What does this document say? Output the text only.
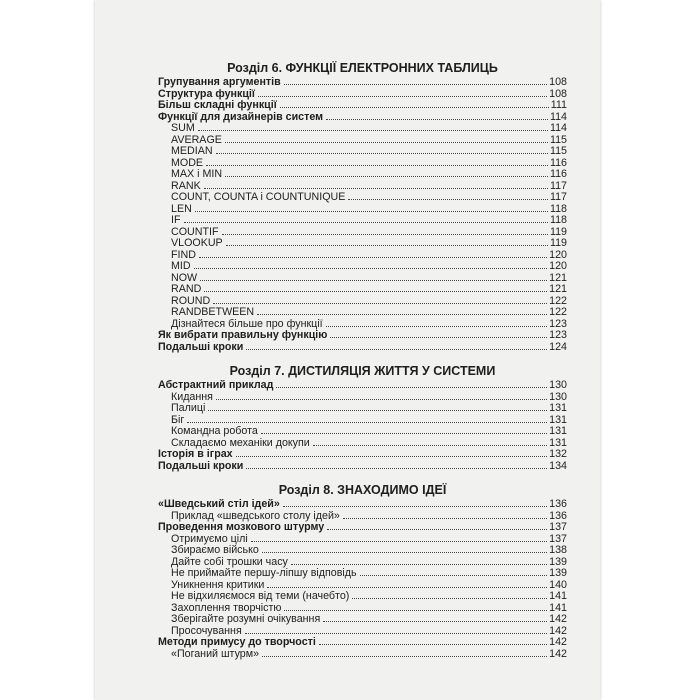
Розділ 6. ФУНКЦІЇ ЕЛЕКТРОННИХ ТАБЛИЦЬ
Групування аргументів	108
Структура функції	108
Більш складні функції	111
Функції для дизайнерів систем	114
SUM	114
AVERAGE	115
MEDIAN	115
MODE	116
MAX і MIN	116
RANK	117
COUNT, COUNTA і COUNTUNIQUE	117
LEN	118
IF	118
COUNTIF	119
VLOOKUP	119
FIND	120
MID	120
NOW	121
RAND	121
ROUND	122
RANDBETWEEN	122
Дізнайтеся більше про функції	123
Як вибрати правильну функцію	123
Подальші кроки	124
Розділ 7. ДИСТИЛЯЦІЯ ЖИТТЯ У СИСТЕМИ
Абстрактний приклад	130
Кидання	130
Палиці	131
Біг	131
Командна робота	131
Складаємо механіки докупи	131
Історія в іграх	132
Подальші кроки	134
Розділ 8. ЗНАХОДИМО ІДЕЇ
«Шведський стіл ідей»	136
Приклад «шведського столу ідей»	136
Проведення мозкового штурму	137
Отримуємо цілі	137
Збираємо військо	138
Дайте собі трошки часу	139
Не приймайте першу-ліпшу відповідь	139
Уникнення критики	140
Не відхиляємося від теми (начебто)	141
Захоплення творчістю	141
Зберігайте розумні очікування	142
Просочування	142
Методи примусу до творчості	142
«Поганий штурм»	142
